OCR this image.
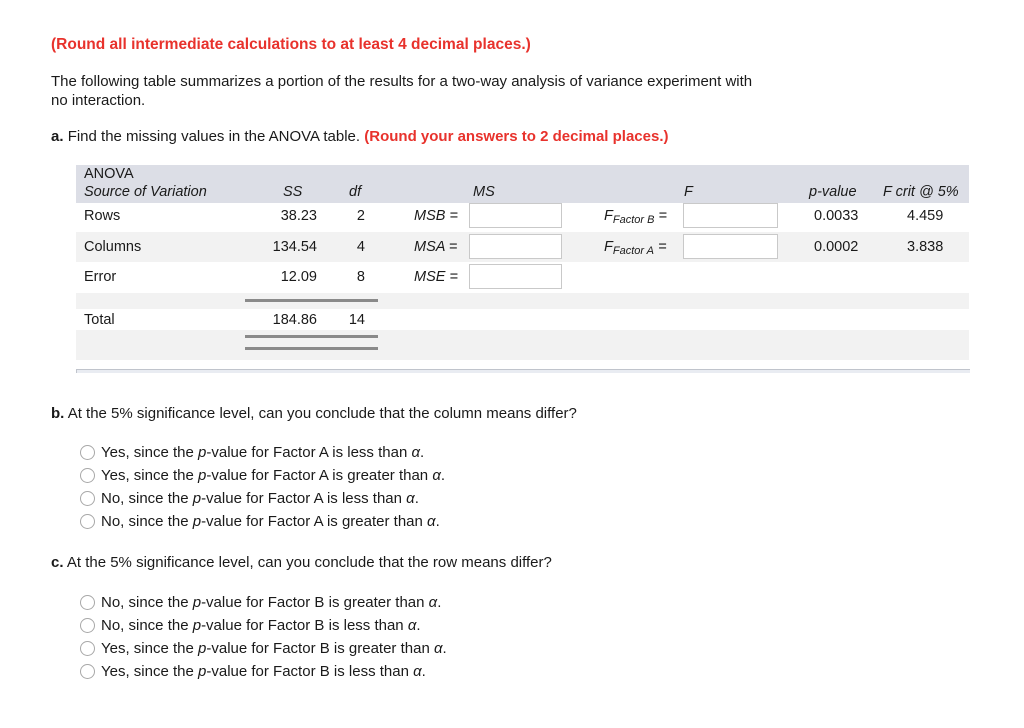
(Round all intermediate calculations to at least 4 decimal places.)
The following table summarizes a portion of the results for a two-way analysis of variance experiment with
no interaction.
a. Find the missing values in the ANOVA table. (Round your answers to 2 decimal places.)
ANOVA
Source of Variation	SS	df	MS	F	p-value F crit @ 5%
Rows	38.23	2	MSB =	$F_{Factor B}$ =	0.0033	4.459
Columns	134.54	4	MSA =	$F_{Factor A}$ =	0.0002	3.838
Error	12.09	8	MSE =
Total	184.86	14
b. At the 5% significance level, can you conclude that the column means differ?
Yes, since the p-value for Factor A is less than α.
Yes, since the p-value for Factor A is greater than α.
No, since the p-value for Factor A is less than α.
No, since the p-value for Factor A is greater than α.
c. At the 5% significance level, can you conclude that the row means differ?
No, since the p-value for Factor B is greater than α.
No, since the p-value for Factor B is less than α.
Yes, since the p-value for Factor B is greater than α.
Yes, since the p-value for Factor B is less than α.
